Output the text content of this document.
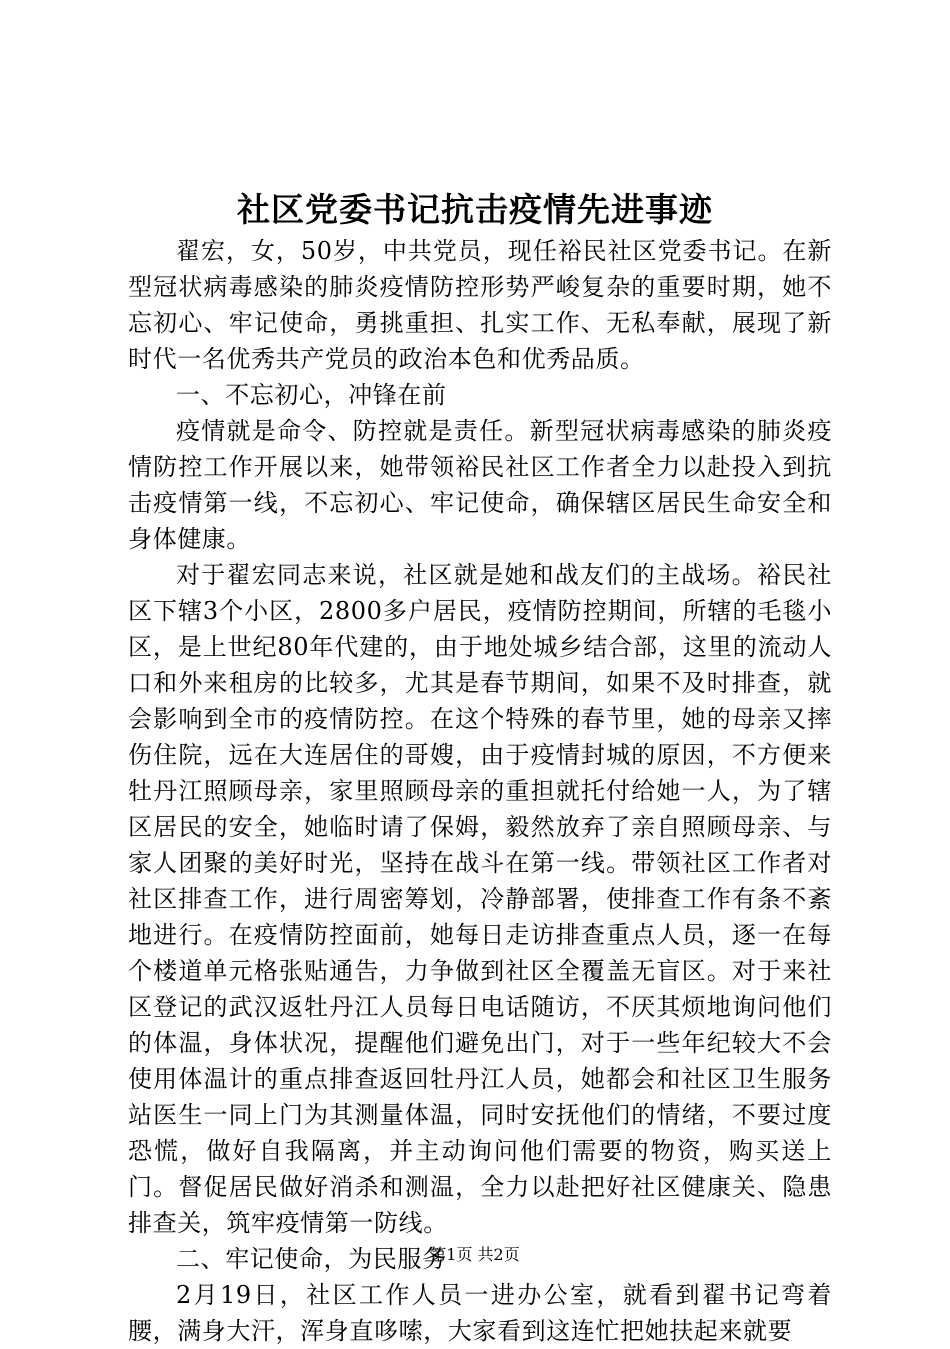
社区党委书记抗击疫情先进事迹

翟宏，女，50岁，中共党员，现任裕民社区党委书记。在新型冠状病毒感染的肺炎疫情防控形势严峻复杂的重要时期，她不忘初心、牢记使命，勇挑重担、扎实工作、无私奉献，展现了新时代一名优秀共产党员的政治本色和优秀品质。

一、不忘初心，冲锋在前

疫情就是命令、防控就是责任。新型冠状病毒感染的肺炎疫情防控工作开展以来，她带领裕民社区工作者全力以赴投入到抗击疫情第一线，不忘初心、牢记使命，确保辖区居民生命安全和身体健康。

对于翟宏同志来说，社区就是她和战友们的主战场。裕民社区下辖3个小区，2800多户居民，疫情防控期间，所辖的毛毯小区，是上世纪80年代建的，由于地处城乡结合部，这里的流动人口和外来租房的比较多，尤其是春节期间，如果不及时排查，就会影响到全市的疫情防控。在这个特殊的春节里，她的母亲又摔伤住院，远在大连居住的哥嫂，由于疫情封城的原因，不方便来牡丹江照顾母亲，家里照顾母亲的重担就托付给她一人，为了辖区居民的安全，她临时请了保姆，毅然放弃了亲自照顾母亲、与家人团聚的美好时光，坚持在战斗在第一线。带领社区工作者对社区排查工作，进行周密筹划，冷静部署，使排查工作有条不紊地进行。在疫情防控面前，她每日走访排查重点人员，逐一在每个楼道单元格张贴通告，力争做到社区全覆盖无盲区。对于来社区登记的武汉返牡丹江人员每日电话随访，不厌其烦地询问他们的体温，身体状况，提醒他们避免出门，对于一些年纪较大不会使用体温计的重点排查返回牡丹江人员，她都会和社区卫生服务站医生一同上门为其测量体温，同时安抚他们的情绪，不要过度恐慌，做好自我隔离，并主动询问他们需要的物资，购买送上门。督促居民做好消杀和测温，全力以赴把好社区健康关、隐患排查关，筑牢疫情第一防线。

二、牢记使命，为民服务

2月19日，社区工作人员一进办公室，就看到翟书记弯着腰，满身大汗，浑身直哆嗦，大家看到这连忙把她扶起来就要

第1页 共2页
